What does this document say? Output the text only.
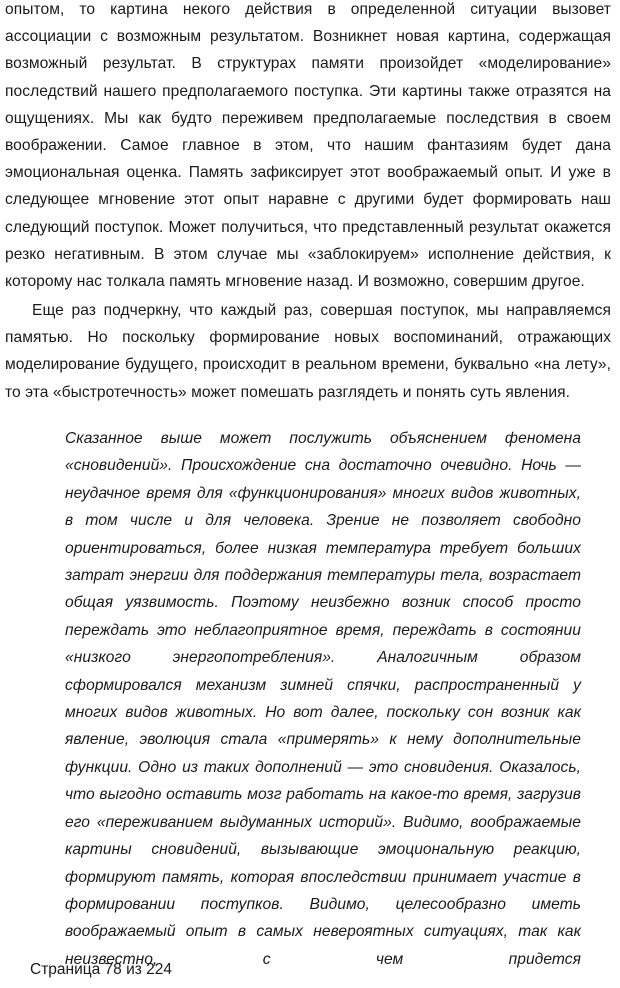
опытом, то картина некого действия в определенной ситуации вызовет ассоциации с возможным результатом. Возникнет новая картина, содержащая возможный результат. В структурах памяти произойдет «моделирование» последствий нашего предполагаемого поступка. Эти картины также отразятся на ощущениях. Мы как будто переживем предполагаемые последствия в своем воображении. Самое главное в этом, что нашим фантазиям будет дана эмоциональная оценка. Память зафиксирует этот воображаемый опыт. И уже в следующее мгновение этот опыт наравне с другими будет формировать наш следующий поступок. Может получиться, что представленный результат окажется резко негативным. В этом случае мы «заблокируем» исполнение действия, к которому нас толкала память мгновение назад. И возможно, совершим другое.

Еще раз подчеркну, что каждый раз, совершая поступок, мы направляемся памятью. Но поскольку формирование новых воспоминаний, отражающих моделирование будущего, происходит в реальном времени, буквально «на лету», то эта «быстротечность» может помешать разглядеть и понять суть явления.

Сказанное выше может послужить объяснением феномена «сновидений». Происхождение сна достаточно очевидно. Ночь — неудачное время для «функционирования» многих видов животных, в том числе и для человека. Зрение не позволяет свободно ориентироваться, более низкая температура требует больших затрат энергии для поддержания температуры тела, возрастает общая уязвимость. Поэтому неизбежно возник способ просто переждать это неблагоприятное время, переждать в состоянии «низкого энергопотребления». Аналогичным образом сформировался механизм зимней спячки, распространенный у многих видов животных. Но вот далее, поскольку сон возник как явление, эволюция стала «примерять» к нему дополнительные функции. Одно из таких дополнений — это сновидения. Оказалось, что выгодно оставить мозг работать на какое-то время, загрузив его «переживанием выдуманных историй». Видимо, воображаемые картины сновидений, вызывающие эмоциональную реакцию, формируют память, которая впоследствии принимает участие в формировании поступков. Видимо, целесообразно иметь воображаемый опыт в самых невероятных ситуациях, так как неизвестно, с чем придется

Страница 78 из 224
